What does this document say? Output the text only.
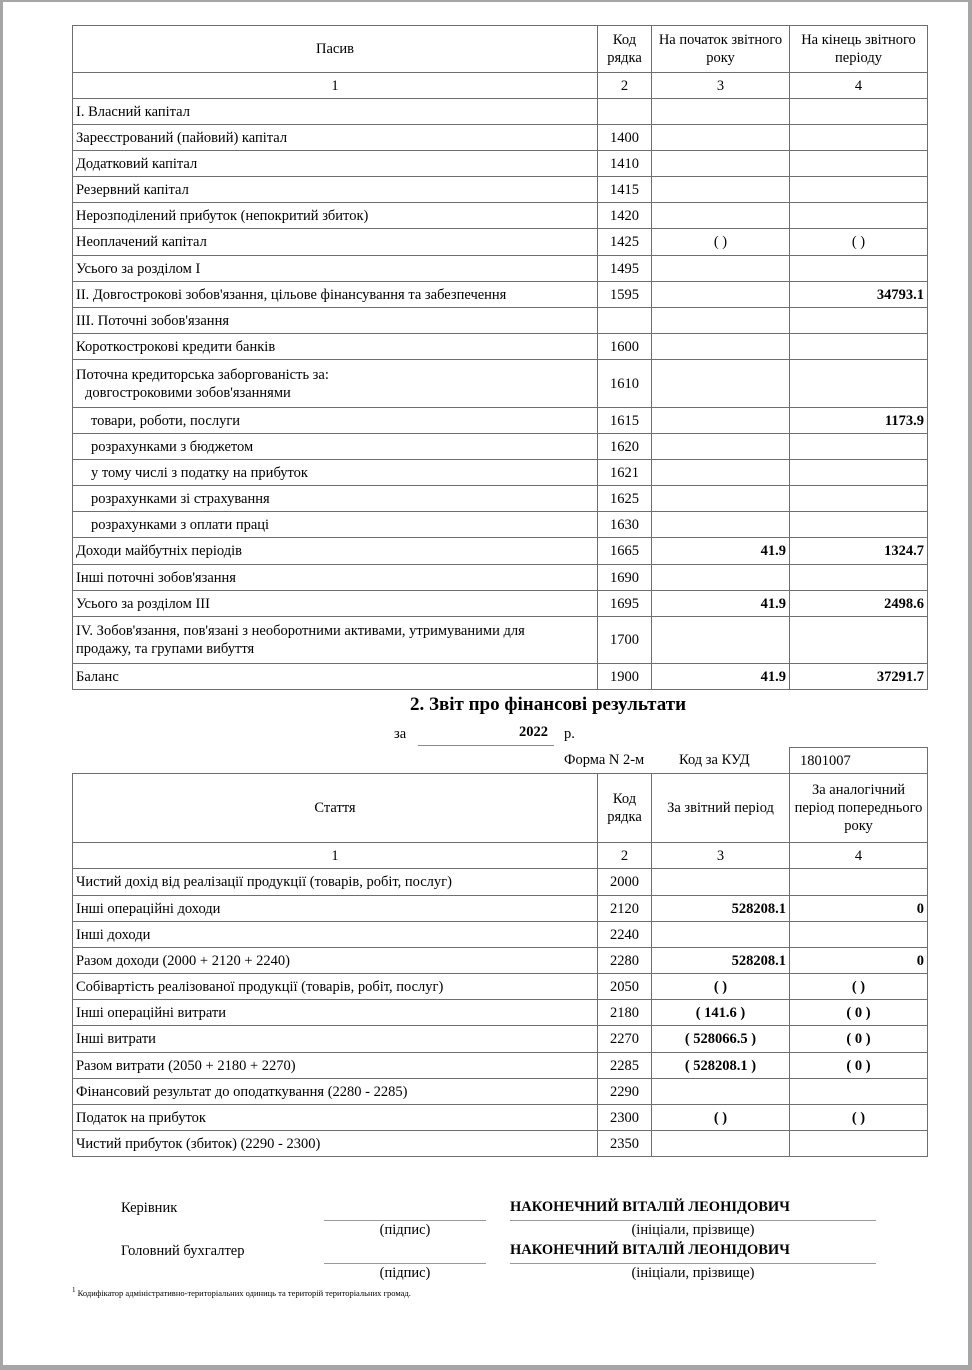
Пасив	Код рядка	На початок звітного року	На кінець звітного періоду
1	2	3	4
I. Власний капітал			
Зареєстрований (пайовий) капітал	1400		
Додатковий капітал	1410		
Резервний капітал	1415		
Нерозподілений прибуток (непокритий збиток)	1420		
Неоплачений капітал	1425	( )	( )
Усього за розділом I	1495		
II. Довгострокові зобов'язання, цільове фінансування та забезпечення	1595		34793.1
III. Поточні зобов'язання			
Короткострокові кредити банків	1600		

Поточна кредиторська заборгованість за:
довгостроковими зобов'язаннями	1610		
товари, роботи, послуги	1615		1173.9
розрахунками з бюджетом	1620		
у тому числі з податку на прибуток	1621		
розрахунками зі страхування	1625		
розрахунками з оплати праці	1630		
Доходи майбутніх періодів	1665	41.9	1324.7
Інші поточні зобов'язання	1690		
Усього за розділом III	1695	41.9	2498.6

IV. Зобов'язання, пов'язані з необоротними активами, утримуваними для
продажу, та групами вибуття	1700		
Баланс	1900	41.9	37291.7
2. Звіт про фінансові результати
за	2022	р.
Форма N 2-м Код за КУД	1801007
Стаття	Код рядка	За звітний період	За аналогічний період попереднього року
1	2	3	4
Чистий дохід від реалізації продукції (товарів, робіт, послуг)	2000		
Інші операційні доходи	2120	528208.1	0
Інші доходи	2240		
Разом доходи (2000 + 2120 + 2240)	2280	528208.1	0
Собівартість реалізованої продукції (товарів, робіт, послуг)	2050	( )	( )
Інші операційні витрати	2180	( 141.6 )	( 0 )
Інші витрати	2270	( 528066.5 )	( 0 )
Разом витрати (2050 + 2180 + 2270)	2285	( 528208.1 )	( 0 )
Фінансовий результат до оподаткування (2280 - 2285)	2290		
Податок на прибуток	2300	( )	( )
Чистий прибуток (збиток) (2290 - 2300)	2350		
Керівник
(підпис)
НАКОНЕЧНИЙ ВІТАЛІЙ ЛЕОНІДОВИЧ
(ініціали, прізвище)
Головний бухгалтер
(підпис)
НАКОНЕЧНИЙ ВІТАЛІЙ ЛЕОНІДОВИЧ
(ініціали, прізвище)
$^1$ Кодифікатор адміністративно-територіальних одиниць та територій територіальних громад.
